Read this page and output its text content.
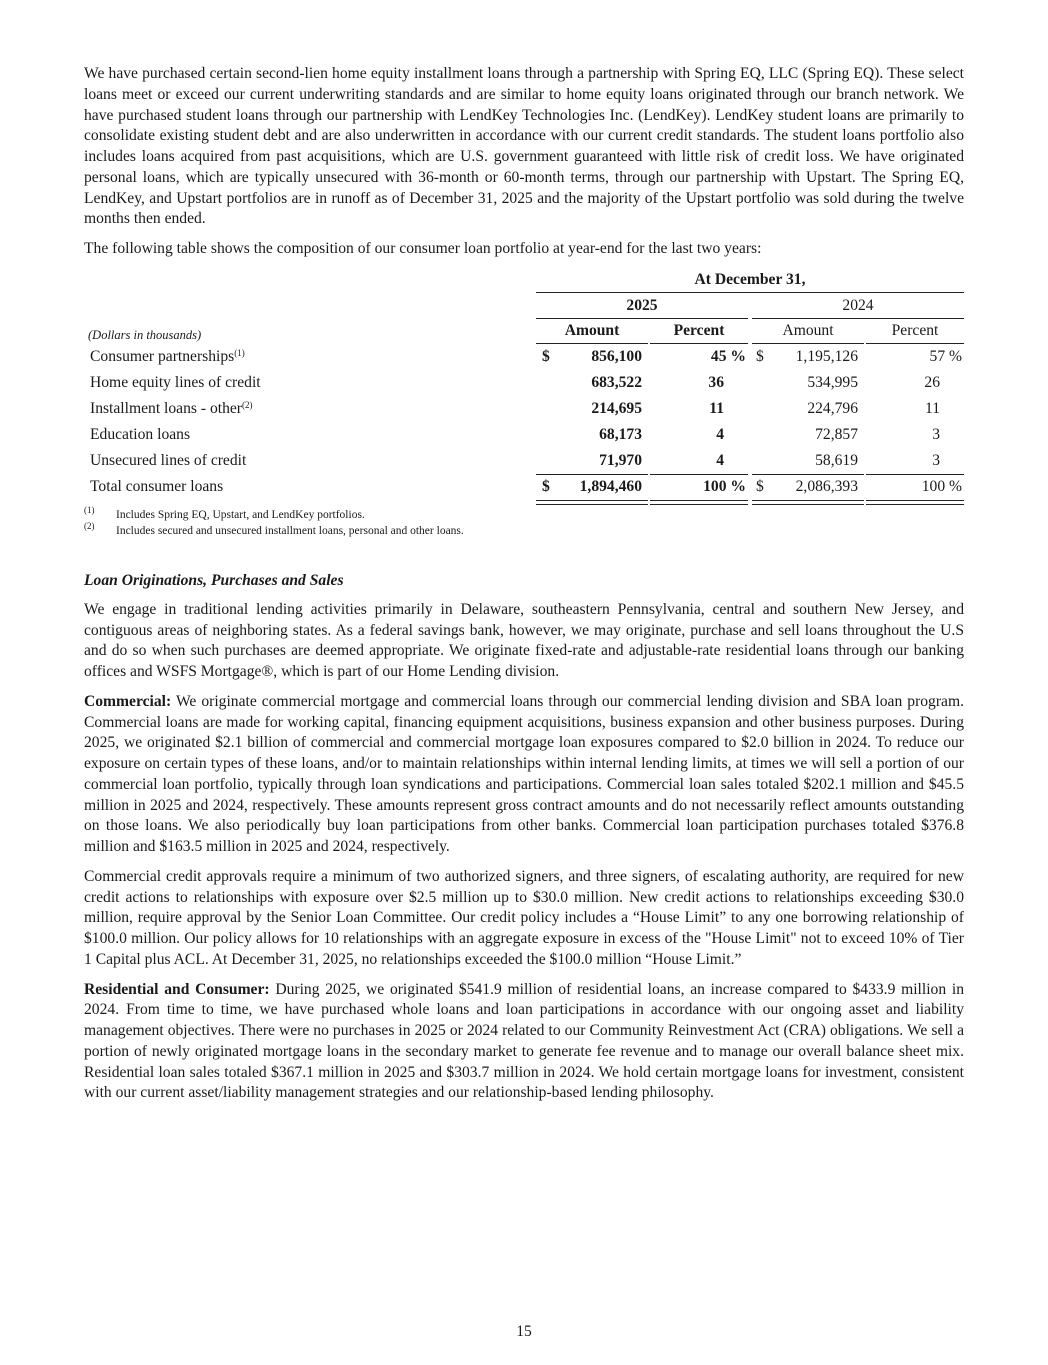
We have purchased certain second-lien home equity installment loans through a partnership with Spring EQ, LLC (Spring EQ). These select loans meet or exceed our current underwriting standards and are similar to home equity loans originated through our branch network. We have purchased student loans through our partnership with LendKey Technologies Inc. (LendKey). LendKey student loans are primarily to consolidate existing student debt and are also underwritten in accordance with our current credit standards. The student loans portfolio also includes loans acquired from past acquisitions, which are U.S. government guaranteed with little risk of credit loss. We have originated personal loans, which are typically unsecured with 36-month or 60-month terms, through our partnership with Upstart. The Spring EQ, LendKey, and Upstart portfolios are in runoff as of December 31, 2025 and the majority of the Upstart portfolio was sold during the twelve months then ended.

The following table shows the composition of our consumer loan portfolio at year-end for the last two years:

At December 31,
2025	2024
(Dollars in thousands)	Amount	Percent	Amount	Percent
Consumer partnerships$^{(1)}$	$	856,100	45 % $	1,195,126	57 %
Home equity lines of credit	683,522	36	534,995	26
Installment loans - other$^{(2)}$	214,695	11	224,796	11
Education loans	68,173	4	72,857	3
Unsecured lines of credit	71,970	4	58,619	3
Total consumer loans	$	1,894,460	100 % $	2,086,393	100 %
$^{(1)}$ Includes Spring EQ, Upstart, and LendKey portfolios.
$^{(2)}$ Includes secured and unsecured installment loans, personal and other loans.
Loan Originations, Purchases and Sales

We engage in traditional lending activities primarily in Delaware, southeastern Pennsylvania, central and southern New Jersey, and contiguous areas of neighboring states. As a federal savings bank, however, we may originate, purchase and sell loans throughout the U.S and do so when such purchases are deemed appropriate. We originate fixed-rate and adjustable-rate residential loans through our banking offices and WSFS Mortgage®, which is part of our Home Lending division.

Commercial: We originate commercial mortgage and commercial loans through our commercial lending division and SBA loan program. Commercial loans are made for working capital, financing equipment acquisitions, business expansion and other business purposes. During 2025, we originated $2.1 billion of commercial and commercial mortgage loan exposures compared to $2.0 billion in 2024. To reduce our exposure on certain types of these loans, and/or to maintain relationships within internal lending limits, at times we will sell a portion of our commercial loan portfolio, typically through loan syndications and participations. Commercial loan sales totaled $202.1 million and $45.5 million in 2025 and 2024, respectively. These amounts represent gross contract amounts and do not necessarily reflect amounts outstanding on those loans. We also periodically buy loan participations from other banks. Commercial loan participation purchases totaled $376.8 million and $163.5 million in 2025 and 2024, respectively.

Commercial credit approvals require a minimum of two authorized signers, and three signers, of escalating authority, are required for new credit actions to relationships with exposure over $2.5 million up to $30.0 million. New credit actions to relationships exceeding $30.0 million, require approval by the Senior Loan Committee. Our credit policy includes a “House Limit” to any one borrowing relationship of $100.0 million. Our policy allows for 10 relationships with an aggregate exposure in excess of the "House Limit" not to exceed 10% of Tier 1 Capital plus ACL. At December 31, 2025, no relationships exceeded the $100.0 million “House Limit.”

Residential and Consumer: During 2025, we originated $541.9 million of residential loans, an increase compared to $433.9 million in 2024. From time to time, we have purchased whole loans and loan participations in accordance with our ongoing asset and liability management objectives. There were no purchases in 2025 or 2024 related to our Community Reinvestment Act (CRA) obligations. We sell a portion of newly originated mortgage loans in the secondary market to generate fee revenue and to manage our overall balance sheet mix. Residential loan sales totaled $367.1 million in 2025 and $303.7 million in 2024. We hold certain mortgage loans for investment, consistent with our current asset/liability management strategies and our relationship-based lending philosophy.

15
